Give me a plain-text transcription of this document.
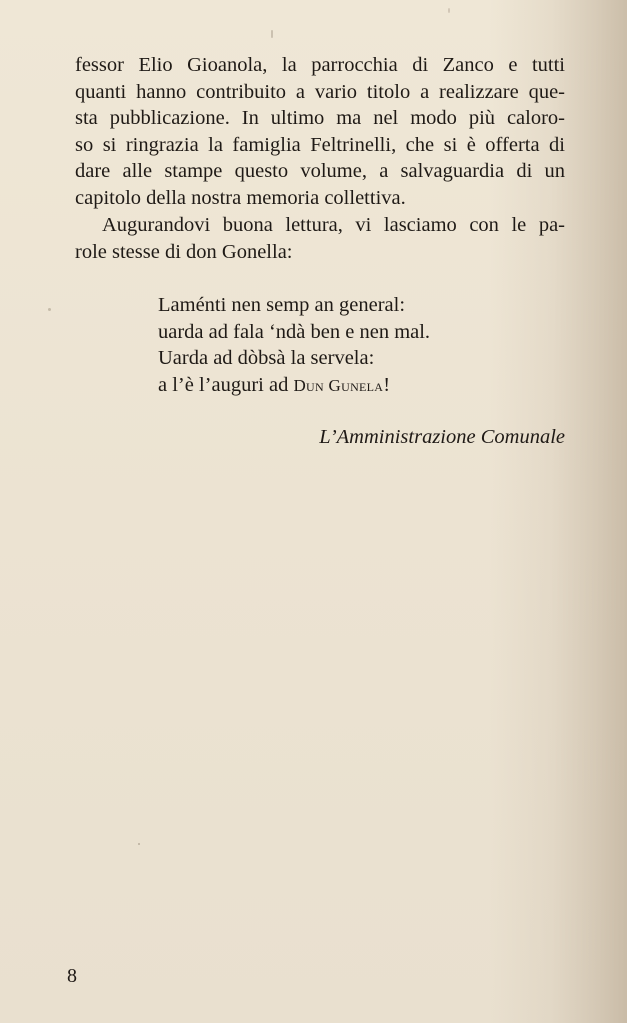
fessor Elio Gioanola, la parrocchia di Zanco e tutti
quanti hanno contribuito a vario titolo a realizzare que-
sta pubblicazione. In ultimo ma nel modo più caloro-
so si ringrazia la famiglia Feltrinelli, che si è offerta di
dare alle stampe questo volume, a salvaguardia di un
capitolo della nostra memoria collettiva.

Augurandovi buona lettura, vi lasciamo con le pa-
role stesse di don Gonella:

Laménti nen semp an general:
uarda ad fala ‘ndà ben e nen mal.
Uarda ad dòbsà la servela:
a l’è l’auguri ad Dun Gunela!
L’Amministrazione Comunale
8
